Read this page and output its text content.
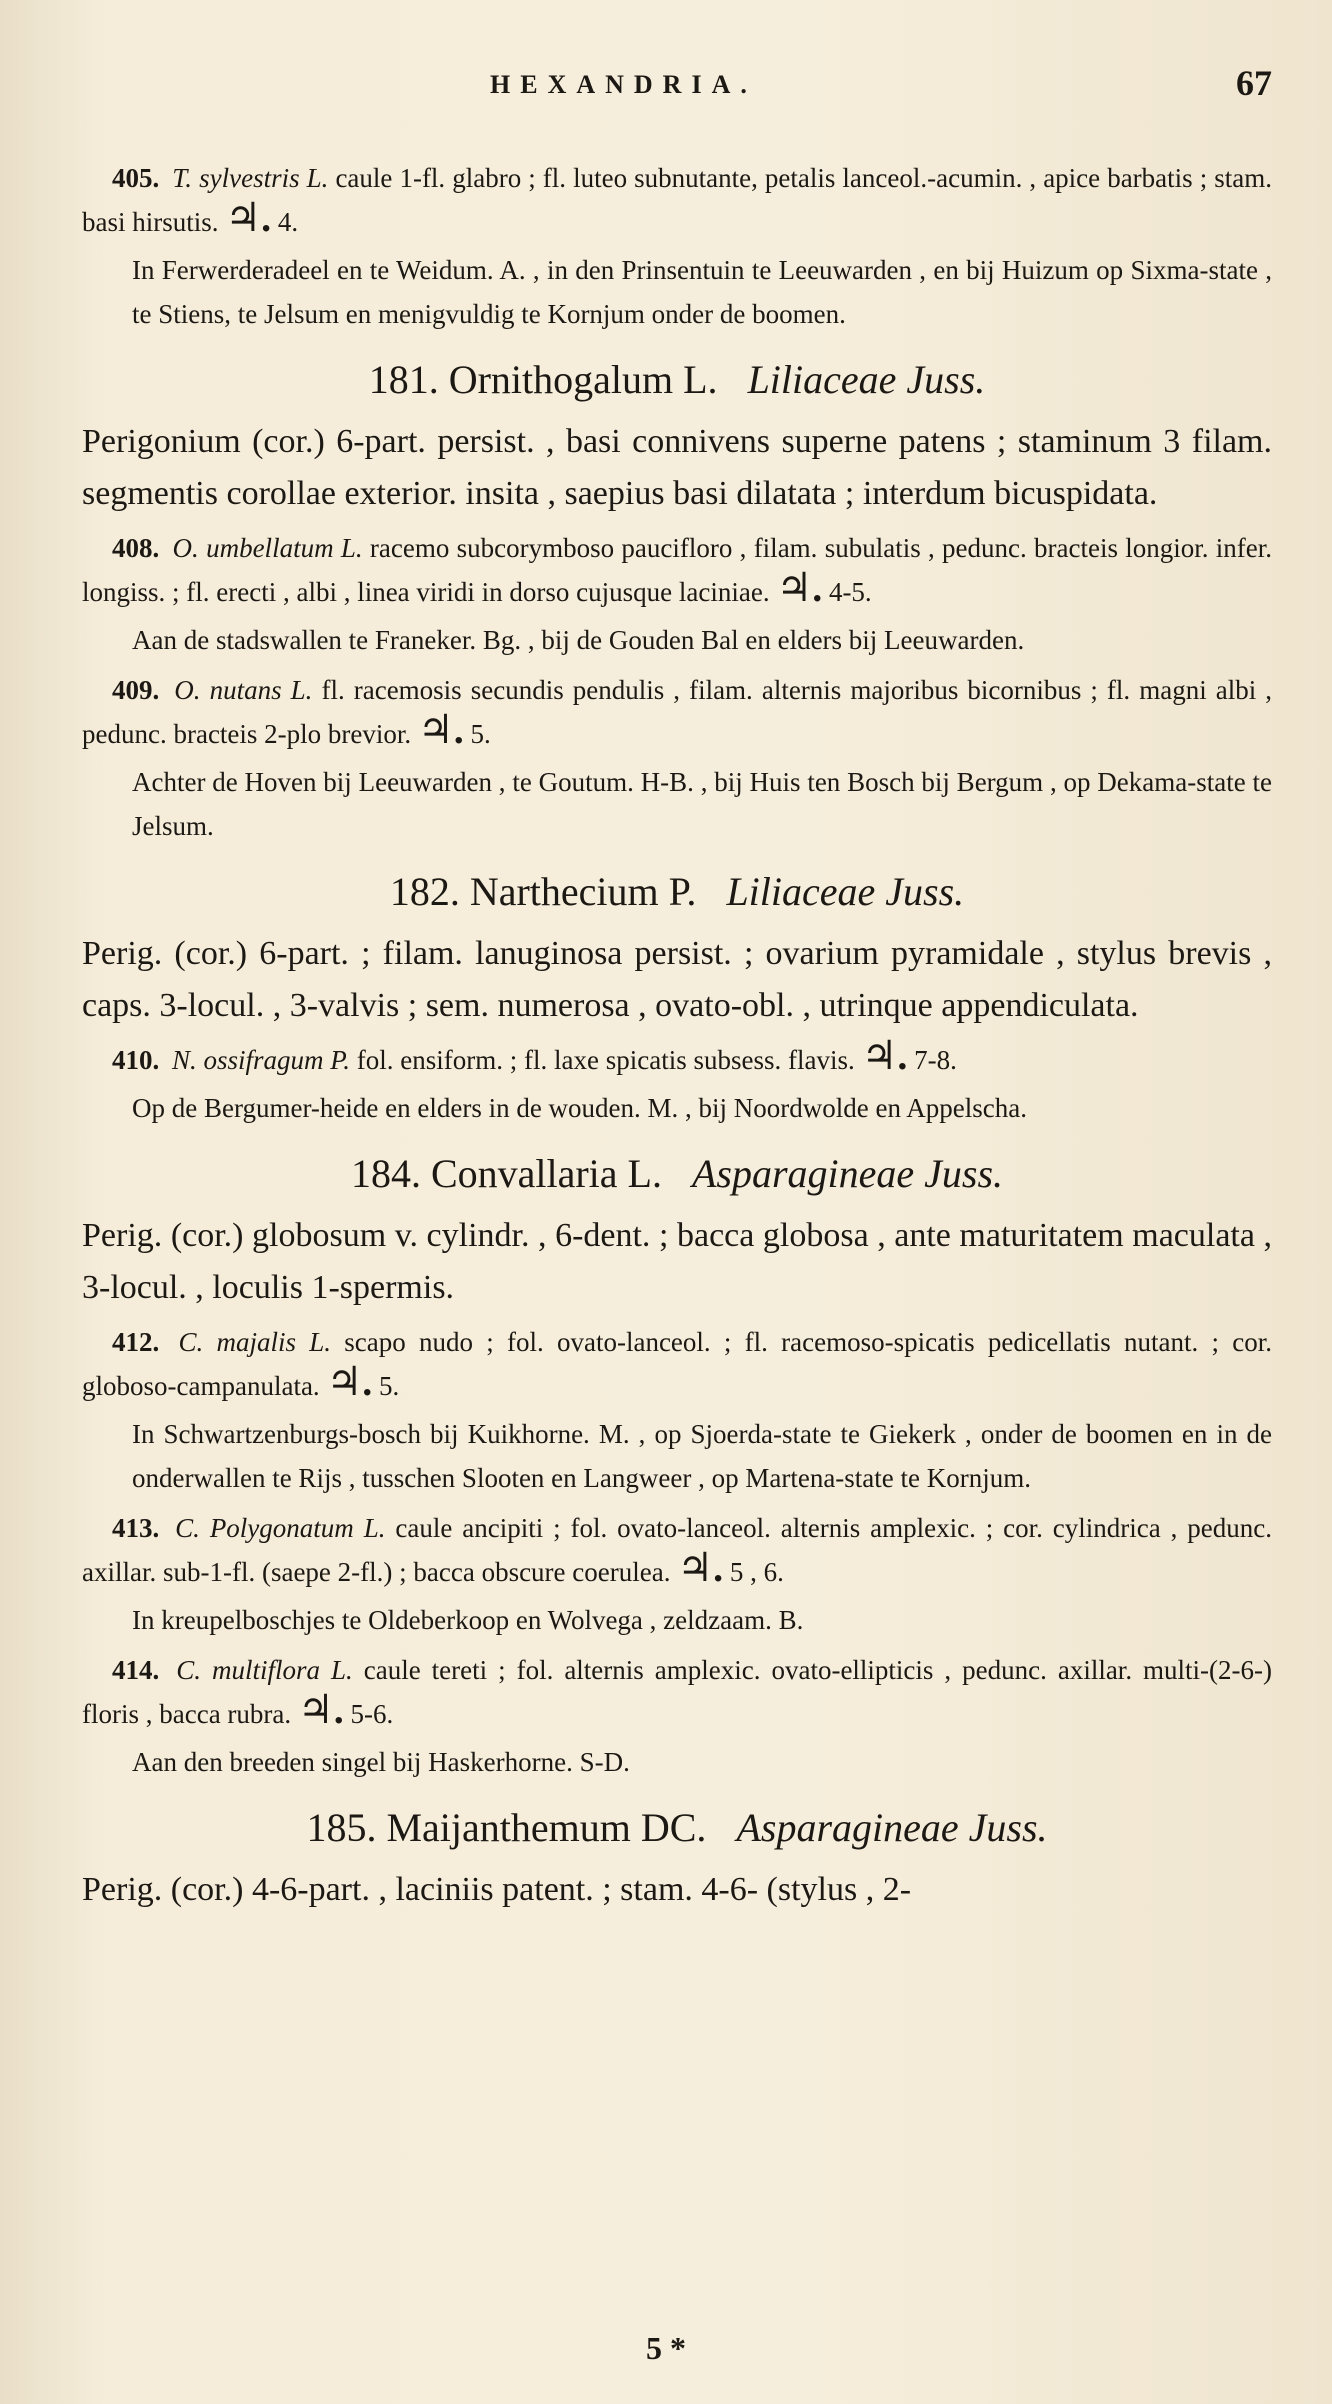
HEXANDRIA.	67

405. T. sylvestris L. caule 1-fl. glabro ; fl. luteo subnutante, petalis lanceol.-acumin. , apice barbatis ; stam. basi hirsutis. ♃. 4.

In Ferwerderadeel en te Weidum. A. , in den Prinsentuin te Leeuwarden , en bij Huizum op Sixma-state , te Stiens, te Jelsum en menigvuldig te Kornjum onder de boomen.

181. Ornithogalum L. Liliaceae Juss.

Perigonium (cor.) 6-part. persist. , basi connivens superne patens ; staminum 3 filam. segmentis corollae exterior. insita , saepius basi dilatata ; interdum bicuspidata.

408. O. umbellatum L. racemo subcorymboso paucifloro , filam. subulatis , pedunc. bracteis longior. infer. longiss. ; fl. erecti , albi , linea viridi in dorso cujusque laciniae. ♃. 4-5.

Aan de stadswallen te Franeker. Bg. , bij de Gouden Bal en elders bij Leeuwarden.

409. O. nutans L. fl. racemosis secundis pendulis , filam. alternis majoribus bicornibus ; fl. magni albi , pedunc. bracteis 2-plo brevior. ♃. 5.

Achter de Hoven bij Leeuwarden , te Goutum. H-B. , bij Huis ten Bosch bij Bergum , op Dekama-state te Jelsum.

182. Narthecium P. Liliaceae Juss.

Perig. (cor.) 6-part. ; filam. lanuginosa persist. ; ovarium pyramidale , stylus brevis , caps. 3-locul. , 3-valvis ; sem. numerosa , ovato-obl. , utrinque appendiculata.

410. N. ossifragum P. fol. ensiform. ; fl. laxe spicatis subsess. flavis. ♃. 7-8.

Op de Bergumer-heide en elders in de wouden. M. , bij Noordwolde en Appelscha.

184. Convallaria L. Asparagineae Juss.

Perig. (cor.) globosum v. cylindr. , 6-dent. ; bacca globosa , ante maturitatem maculata , 3-locul. , loculis 1-spermis.

412. C. majalis L. scapo nudo ; fol. ovato-lanceol. ; fl. racemoso-spicatis pedicellatis nutant. ; cor. globoso-campanulata. ♃. 5.

In Schwartzenburgs-bosch bij Kuikhorne. M. , op Sjoerda-state te Giekerk , onder de boomen en in de onderwallen te Rijs , tusschen Slooten en Langweer , op Martena-state te Kornjum.

413. C. Polygonatum L. caule ancipiti ; fol. ovato-lanceol. alternis amplexic. ; cor. cylindrica , pedunc. axillar. sub-1-fl. (saepe 2-fl.) ; bacca obscure coerulea. ♃. 5 , 6.

In kreupelboschjes te Oldeberkoop en Wolvega , zeldzaam. B.

414. C. multiflora L. caule tereti ; fol. alternis amplexic. ovato-ellipticis , pedunc. axillar. multi-(2-6-) floris , bacca rubra. ♃. 5-6.

Aan den breeden singel bij Haskerhorne. S-D.

185. Maijanthemum DC. Asparagineae Juss.

Perig. (cor.) 4-6-part. , laciniis patent. ; stam. 4-6- (stylus , 2-

5 *
